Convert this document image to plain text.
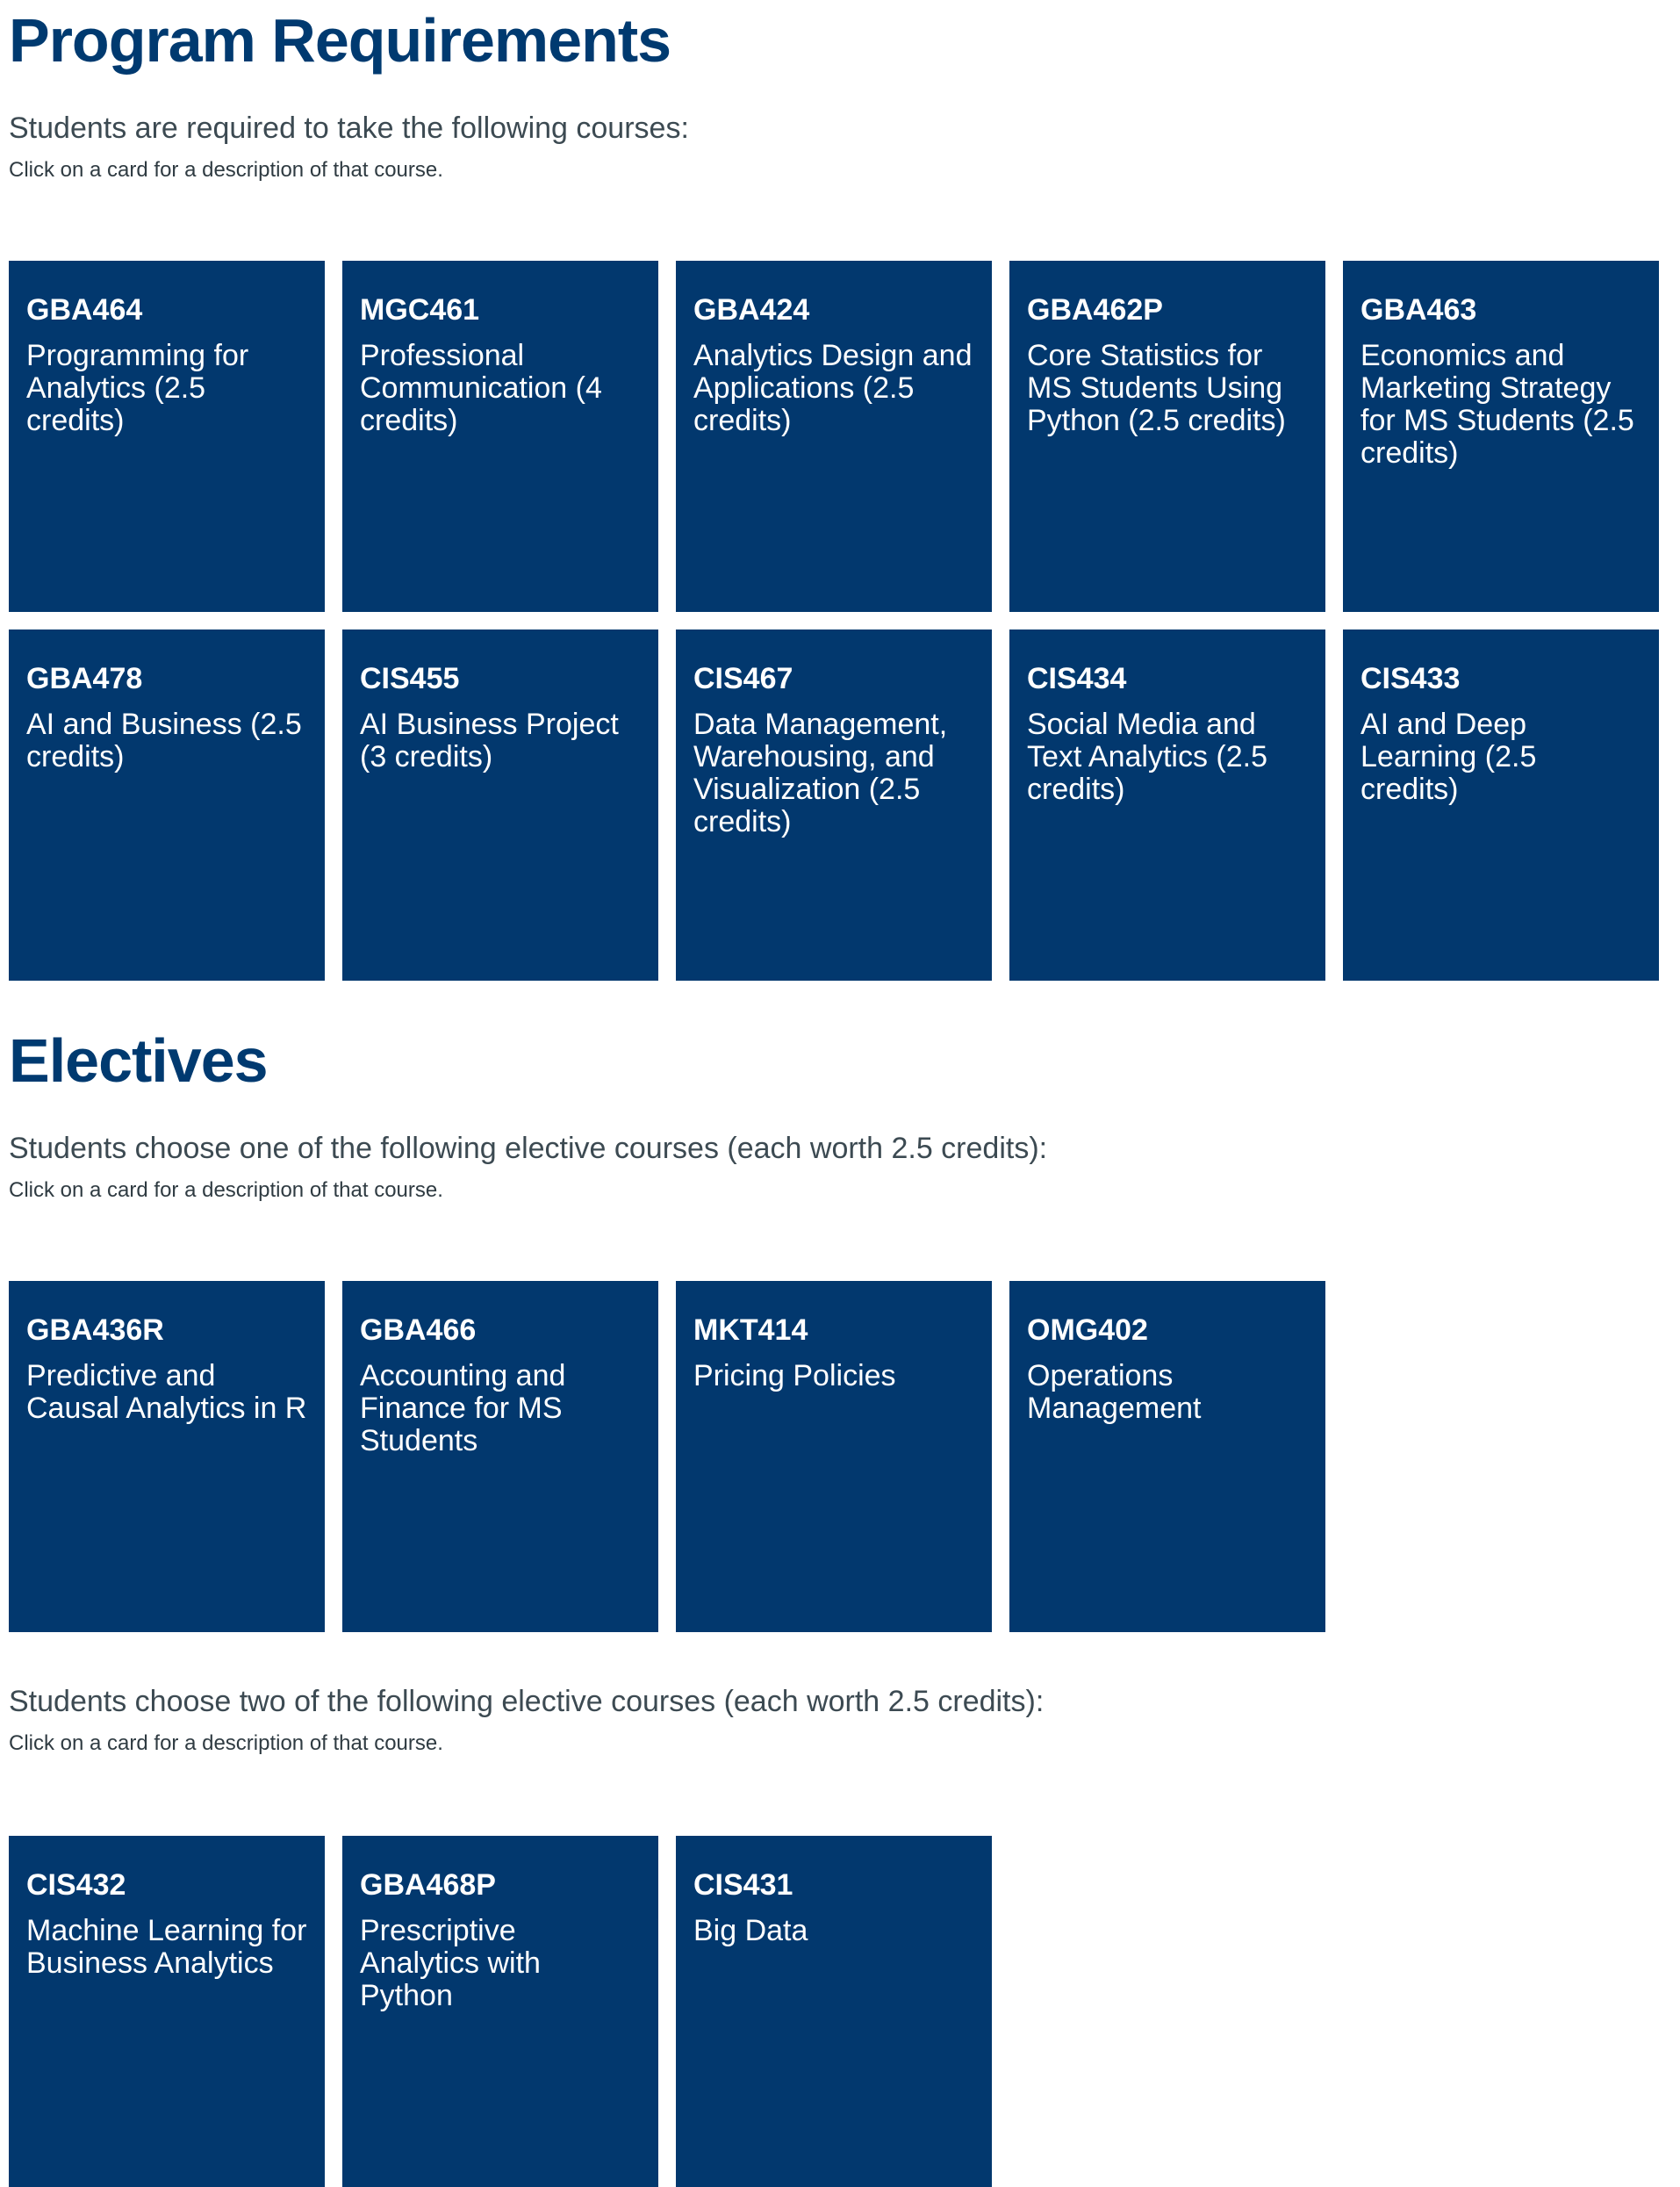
Program Requirements

Students are required to take the following courses:

Click on a card for a description of that course.

GBA464
Programming for Analytics (2.5 credits)
MGC461
Professional Communication (4 credits)
GBA424
Analytics Design and Applications (2.5 credits)
GBA462P
Core Statistics for MS Students Using Python (2.5 credits)
GBA463
Economics and Marketing Strategy for MS Students (2.5 credits)
GBA478
AI and Business (2.5 credits)
CIS455
AI Business Project (3 credits)
CIS467
Data Management, Warehousing, and Visualization (2.5 credits)
CIS434
Social Media and Text Analytics (2.5 credits)
CIS433
AI and Deep Learning (2.5 credits)
Electives

Students choose one of the following elective courses (each worth 2.5 credits):

Click on a card for a description of that course.

GBA436R
Predictive and Causal Analytics in R
GBA466
Accounting and Finance for MS Students
MKT414
Pricing Policies
OMG402
Operations Management

Students choose two of the following elective courses (each worth 2.5 credits):

Click on a card for a description of that course.

CIS432
Machine Learning for Business Analytics
GBA468P
Prescriptive Analytics with Python
CIS431
Big Data
